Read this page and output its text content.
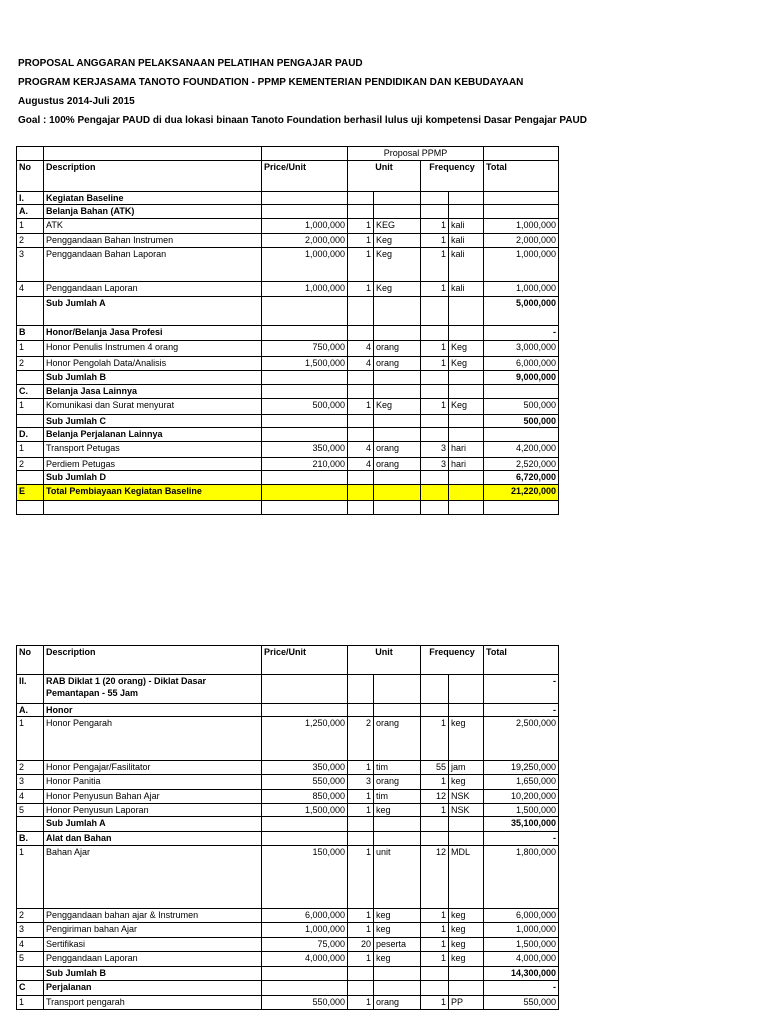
PROPOSAL ANGGARAN PELAKSANAAN PELATIHAN PENGAJAR PAUD
PROGRAM KERJASAMA TANOTO FOUNDATION - PPMP KEMENTERIAN PENDIDIKAN DAN KEBUDAYAAN
Augustus 2014-Juli 2015
Goal : 100% Pengajar PAUD di dua lokasi binaan Tanoto Foundation berhasil lulus uji kompetensi Dasar Pengajar PAUD
			Proposal PPMP				
No	Description	Price/Unit	Unit		Frequency		Total
I.	Kegiatan Baseline						
A.	Belanja Bahan (ATK)						
1	ATK	1,000,000	1	KEG	1	kali	1,000,000
2	Penggandaan Bahan Instrumen	2,000,000	1	Keg	1	kali	2,000,000
3	Penggandaan Bahan Laporan	1,000,000	1	Keg	1	kali	1,000,000
4	Penggandaan Laporan	1,000,000	1	Keg	1	kali	1,000,000
	Sub Jumlah A						5,000,000
B	Honor/Belanja Jasa Profesi						-
1	Honor Penulis Instrumen 4 orang	750,000	4	orang	1	Keg	3,000,000
2	Honor Pengolah Data/Analisis	1,500,000	4	orang	1	Keg	6,000,000
	Sub Jumlah B						9,000,000
C.	Belanja Jasa Lainnya						
1	Komunikasi dan Surat menyurat	500,000	1	Keg	1	Keg	500,000
	Sub Jumlah C						500,000
D.	Belanja Perjalanan Lainnya						
1	Transport Petugas	350,000	4	orang	3	hari	4,200,000
2	Perdiem Petugas	210,000	4	orang	3	hari	2,520,000
	Sub Jumlah D						6,720,000
E	Total Pembiayaan Kegiatan Baseline						21,220,000

No	Description	Price/Unit	Unit		Frequency		Total
II.	RAB Diklat 1 (20 orang) - Diklat Dasar Pemantapan - 55 Jam						-
A.	Honor						-
1	Honor Pengarah	1,250,000	2	orang	1	keg	2,500,000
2	Honor Pengajar/Fasilitator	350,000	1	tim	55	jam	19,250,000
3	Honor Panitia	550,000	3	orang	1	keg	1,650,000
4	Honor Penyusun Bahan Ajar	850,000	1	tim	12	NSK	10,200,000
5	Honor Penyusun Laporan	1,500,000	1	keg	1	NSK	1,500,000
	Sub Jumlah A						35,100,000
B.	Alat dan Bahan						-
1	Bahan Ajar	150,000	1	unit	12	MDL	1,800,000
2	Penggandaan bahan ajar & Instrumen	6,000,000	1	keg	1	keg	6,000,000
3	Pengiriman bahan Ajar	1,000,000	1	keg	1	keg	1,000,000
4	Sertifikasi	75,000	20	peserta	1	keg	1,500,000
5	Penggandaan Laporan	4,000,000	1	keg	1	keg	4,000,000
	Sub Jumlah B						14,300,000
C	Perjalanan						-
1	Transport pengarah	550,000	1	orang	1	PP	550,000
